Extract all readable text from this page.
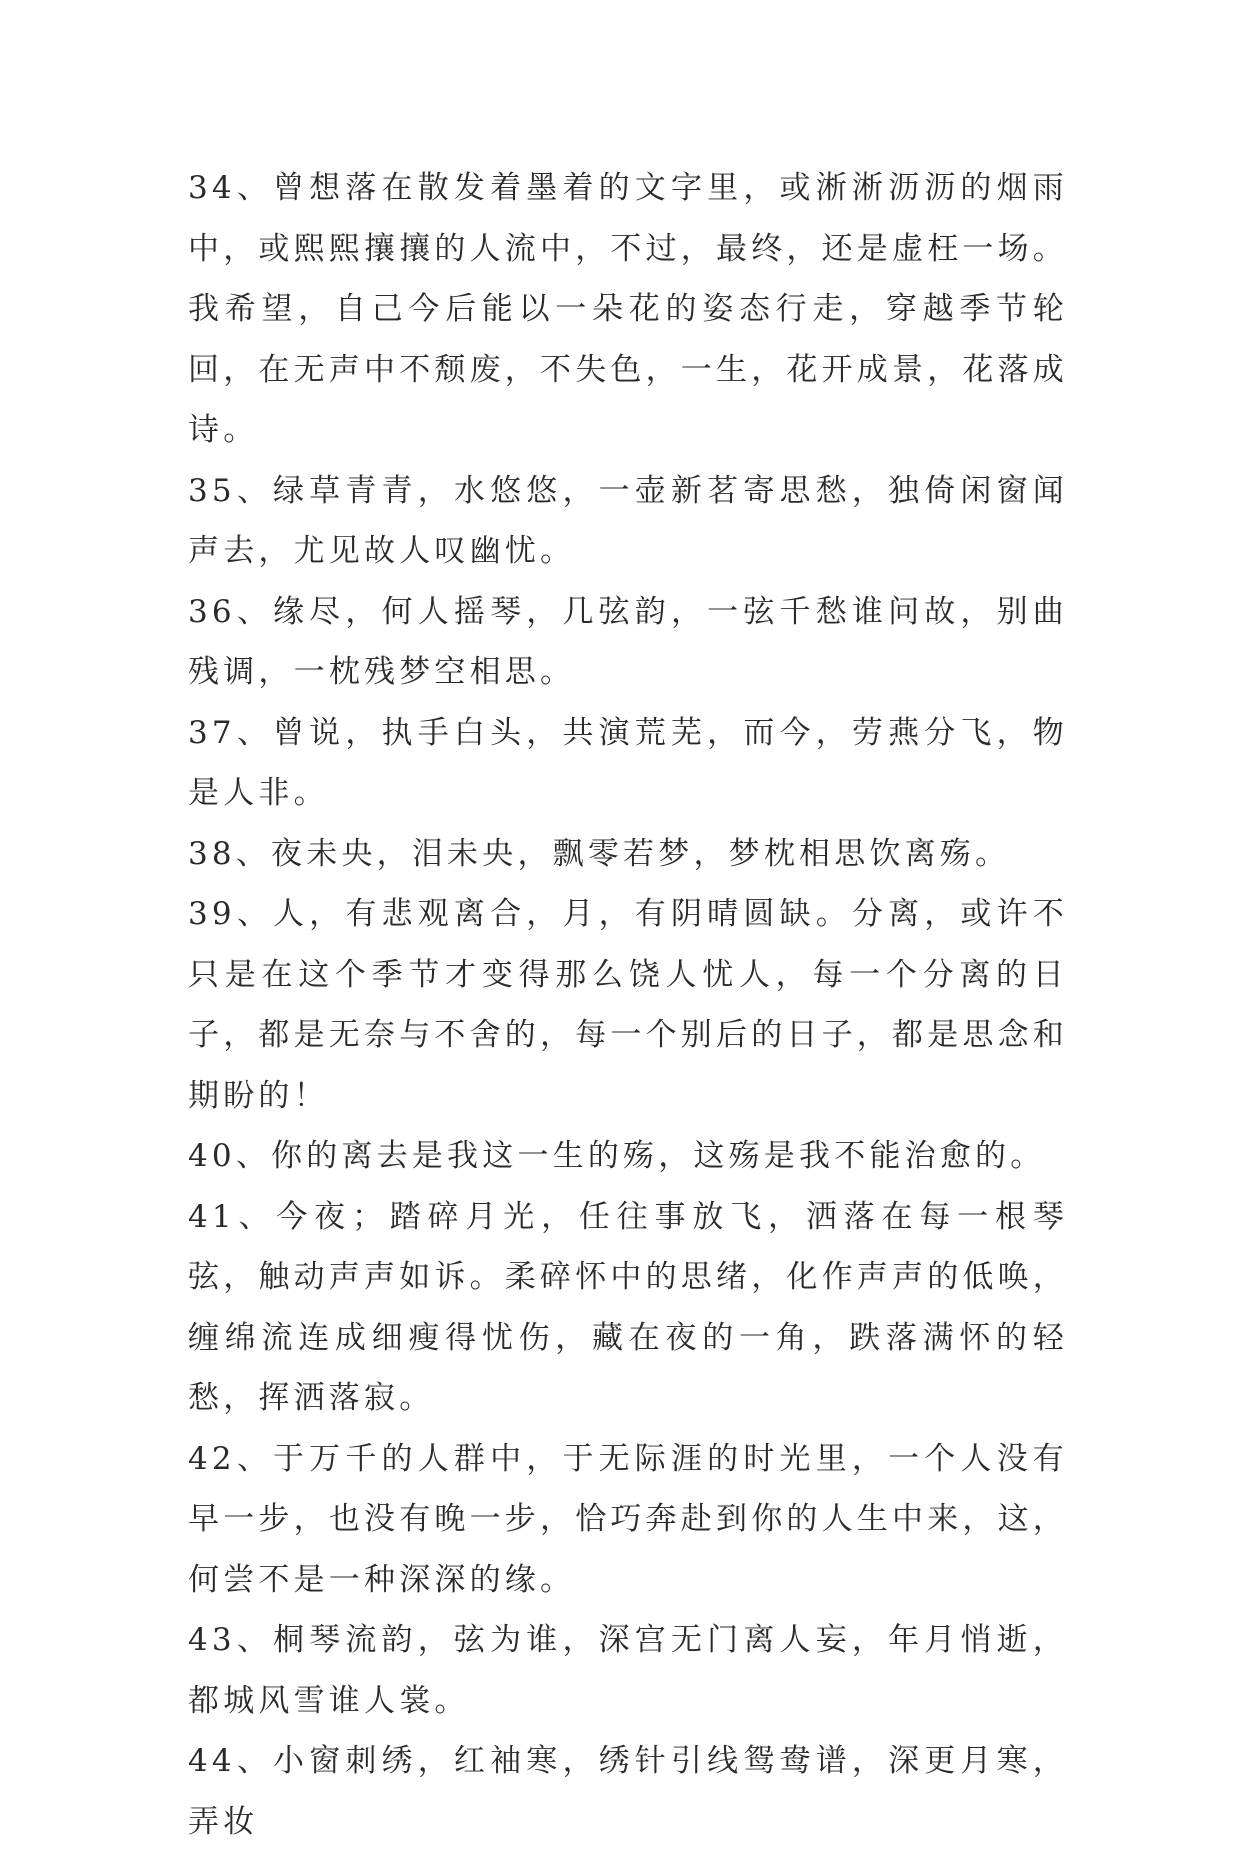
34、曾想落在散发着墨着的文字里，或淅淅沥沥的烟雨中，或熙熙攘攘的人流中，不过，最终，还是虚枉一场。我希望，自己今后能以一朵花的姿态行走，穿越季节轮回，在无声中不颓废，不失色，一生，花开成景，花落成诗。

35、绿草青青，水悠悠，一壶新茗寄思愁，独倚闲窗闻声去，尤见故人叹幽忧。

36、缘尽，何人摇琴，几弦韵，一弦千愁谁问故，别曲残调，一枕残梦空相思。

37、曾说，执手白头，共演荒芜，而今，劳燕分飞，物是人非。

38、夜未央，泪未央，飘零若梦，梦枕相思饮离殇。

39、人，有悲观离合，月，有阴晴圆缺。分离，或许不只是在这个季节才变得那么饶人忧人，每一个分离的日子，都是无奈与不舍的，每一个别后的日子，都是思念和期盼的！

40、你的离去是我这一生的殇，这殇是我不能治愈的。

41、今夜；踏碎月光，任往事放飞，洒落在每一根琴弦，触动声声如诉。柔碎怀中的思绪，化作声声的低唤，缠绵流连成细瘦得忧伤，藏在夜的一角，跌落满怀的轻愁，挥洒落寂。

42、于万千的人群中，于无际涯的时光里，一个人没有早一步，也没有晚一步，恰巧奔赴到你的人生中来，这，何尝不是一种深深的缘。

43、桐琴流韵，弦为谁，深宫无门离人妄，年月悄逝，都城风雪谁人裳。

44、小窗刺绣，红袖寒，绣针引线鸳鸯谱，深更月寒，弄妆
